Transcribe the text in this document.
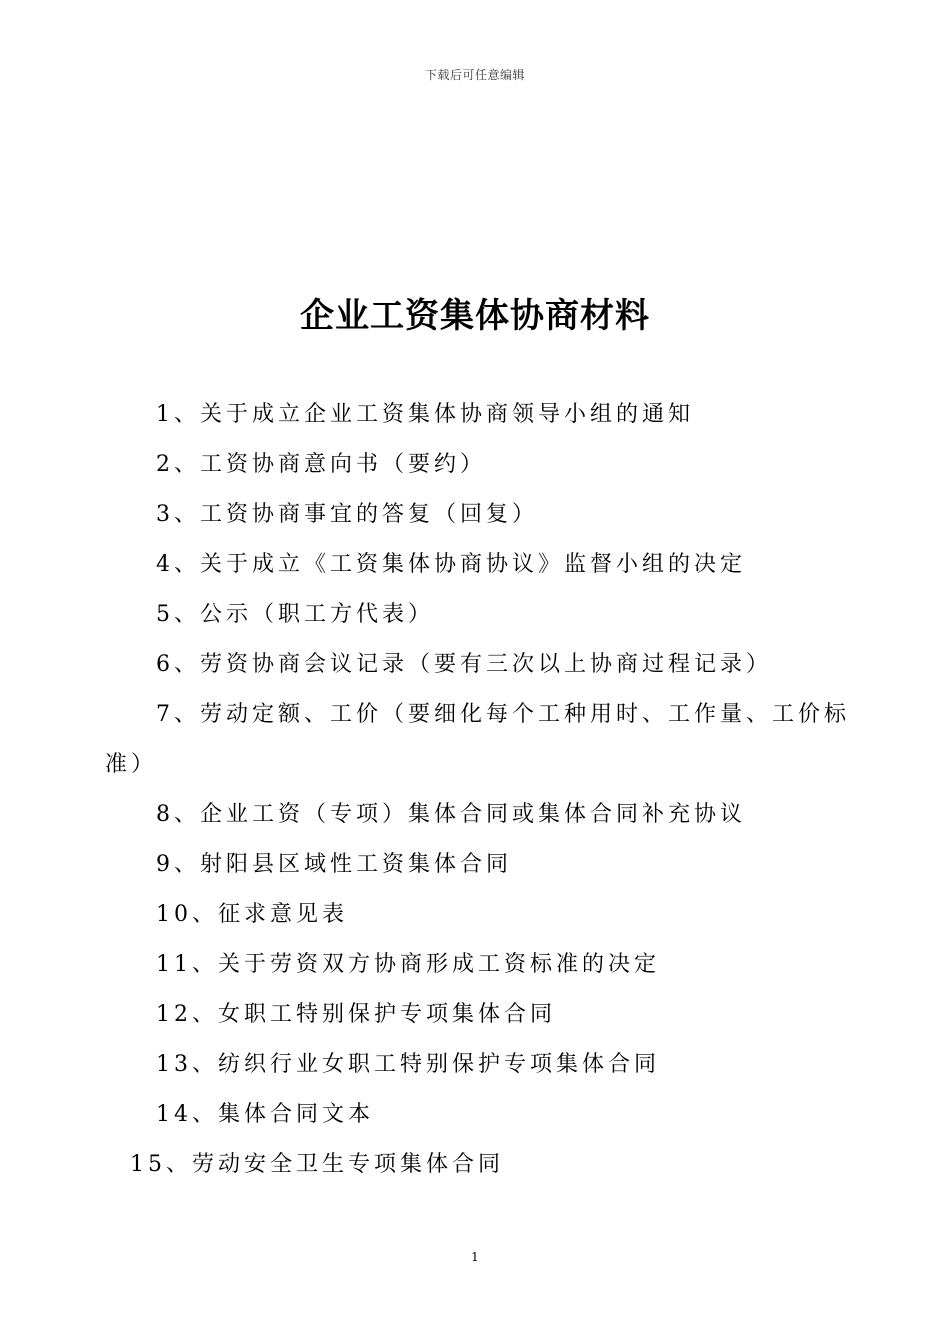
下载后可任意编辑
企业工资集体协商材料
1、关于成立企业工资集体协商领导小组的通知
2、工资协商意向书（要约）
3、工资协商事宜的答复（回复）
4、关于成立《工资集体协商协议》监督小组的决定
5、公示（职工方代表）
6、劳资协商会议记录（要有三次以上协商过程记录）
7、劳动定额、工价（要细化每个工种用时、工作量、工价标准）
8、企业工资（专项）集体合同或集体合同补充协议
9、射阳县区域性工资集体合同
10、征求意见表
11、关于劳资双方协商形成工资标准的决定
12、女职工特别保护专项集体合同
13、纺织行业女职工特别保护专项集体合同
14、集体合同文本
15、劳动安全卫生专项集体合同
1
